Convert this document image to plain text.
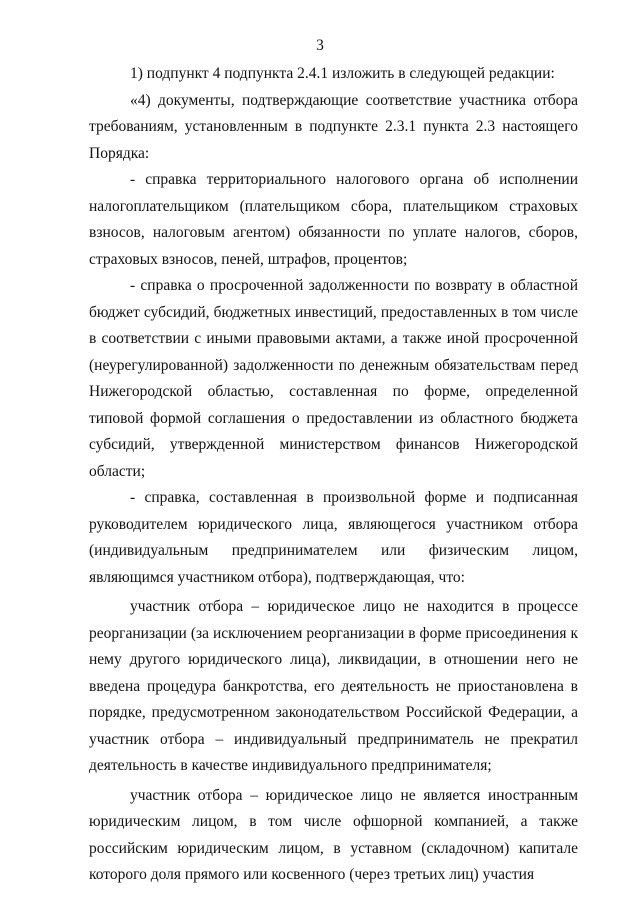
3

1) подпункт 4 подпункта 2.4.1 изложить в следующей редакции:

«4) документы, подтверждающие соответствие участника отбора требованиям, установленным в подпункте 2.3.1 пункта 2.3 настоящего Порядка:

- справка территориального налогового органа об исполнении налогоплательщиком (плательщиком сбора, плательщиком страховых взносов, налоговым агентом) обязанности по уплате налогов, сборов, страховых взносов, пеней, штрафов, процентов;

- справка о просроченной задолженности по возврату в областной бюджет субсидий, бюджетных инвестиций, предоставленных в том числе в соответствии с иными правовыми актами, а также иной просроченной (неурегулированной) задолженности по денежным обязательствам перед Нижегородской областью, составленная по форме, определенной типовой формой соглашения о предоставлении из областного бюджета субсидий, утвержденной министерством финансов Нижегородской области;

- справка, составленная в произвольной форме и подписанная руководителем юридического лица, являющегося участником отбора (индивидуальным предпринимателем или физическим лицом, являющимся участником отбора), подтверждающая, что:

участник отбора – юридическое лицо не находится в процессе реорганизации (за исключением реорганизации в форме присоединения к нему другого юридического лица), ликвидации, в отношении него не введена процедура банкротства, его деятельность не приостановлена в порядке, предусмотренном законодательством Российской Федерации, а участник отбора – индивидуальный предприниматель не прекратил деятельность в качестве индивидуального предпринимателя;

участник отбора – юридическое лицо не является иностранным юридическим лицом, в том числе офшорной компанией, а также российским юридическим лицом, в уставном (складочном) капитале которого доля прямого или косвенного (через третьих лиц) участия
